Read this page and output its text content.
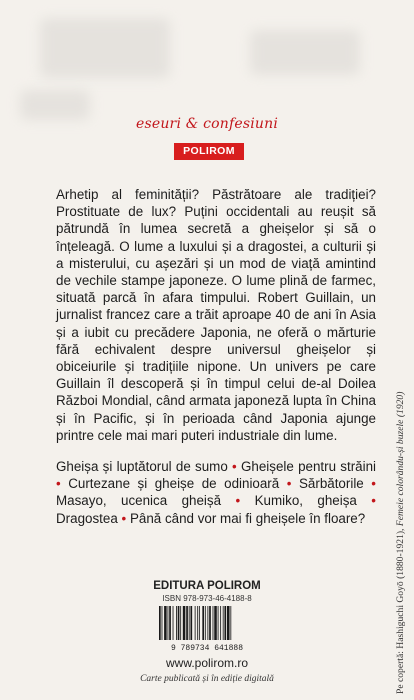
eseuri & confesiuni
POLIROM

Arhetip al feminității? Păstrătoare ale tradiției? Prostituate de lux? Puțini occidentali au reușit să pătrundă în lumea secretă a gheișelor și să o înțeleagă. O lume a luxului și a dragostei, a culturii și a misterului, cu așezări și un mod de viață amintind de vechile stampe japoneze. O lume plină de farmec, situată parcă în afara timpului. Robert Guillain, un jurnalist francez care a trăit aproape 40 de ani în Asia și a iubit cu precădere Japonia, ne oferă o mărturie fără echivalent despre universul gheișelor și obiceiurile și tradițiile nipone. Un univers pe care Guillain îl descoperă și în timpul celui de-al Doilea Război Mondial, când armata japoneză lupta în China și în Pacific, și în perioada când Japonia ajunge printre cele mai mari puteri industriale din lume.

Gheișa și luptătorul de sumo • Gheișele pentru străini • Curtezane și gheișe de odinioară • Sărbătorile • Masayo, ucenica gheișă • Kumiko, gheișa • Dragostea • Până când vor mai fi gheișele în floare?

EDITURA POLIROM
ISBN 978-973-46-4188-8
9 789734 641888
www.polirom.ro
Carte publicată și în ediție digitală	Pe copertă: Hashiguchi Goyō (1880-1921), Femeie colorându-și buzele (1920)
